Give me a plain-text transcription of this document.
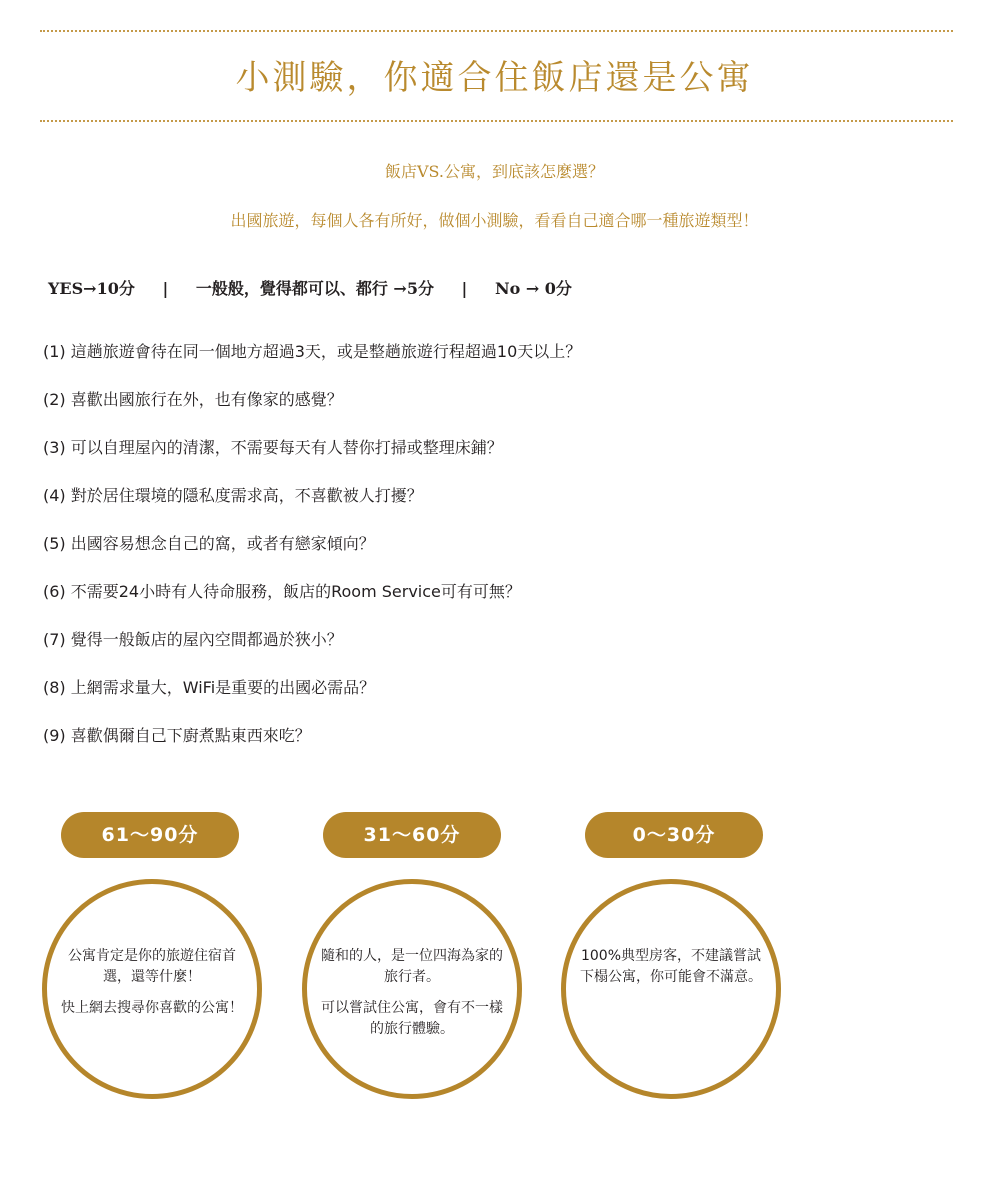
小測驗，你適合住飯店還是公寓
飯店VS.公寓，到底該怎麼選？
出國旅遊，每個人各有所好，做個小測驗，看看自己適合哪一種旅遊類型！
YES→10分 | 一般般，覺得都可以、都行 →5分 | No → 0分
(1) 這趟旅遊會待在同一個地方超過3天，或是整趟旅遊行程超過10天以上？
(2) 喜歡出國旅行在外，也有像家的感覺？
(3) 可以自理屋內的清潔，不需要每天有人替你打掃或整理床鋪？
(4) 對於居住環境的隱私度需求高，不喜歡被人打擾？
(5) 出國容易想念自己的窩，或者有戀家傾向？
(6) 不需要24小時有人待命服務，飯店的Room Service可有可無？
(7) 覺得一般飯店的屋內空間都過於狹小？
(8) 上網需求量大，WiFi是重要的出國必需品？
(9) 喜歡偶爾自己下廚煮點東西來吃？
61～90分

公寓肯定是你的旅遊住宿首選，還等什麼！

快上網去搜尋你喜歡的公寓！

31～60分

隨和的人，是一位四海為家的旅行者。

可以嘗試住公寓，會有不一樣的旅行體驗。

0～30分

100%典型房客，不建議嘗試下榻公寓，你可能會不滿意。
